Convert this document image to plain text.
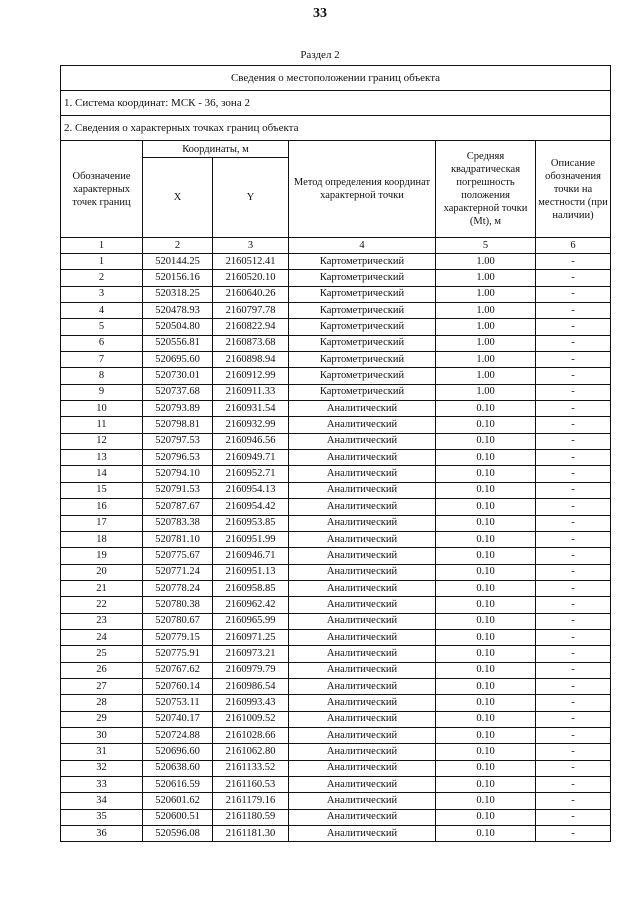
33
Раздел 2
Сведения о местоположении границ объекта					
1. Система координат: МСК - 36, зона 2					
2. Сведения о характерных точках границ объекта					
Обозначение характерных точек границ	Координаты, м		Метод определения координат характерной точки	Средняя квадратическая погрешность положения характерной точки (Mt), м	Описание обозначения точки на местности (при наличии)
	X	Y			
1	2	3	4	5	6
1	520144.25	2160512.41	Картометрический	1.00	-
2	520156.16	2160520.10	Картометрический	1.00	-
3	520318.25	2160640.26	Картометрический	1.00	-
4	520478.93	2160797.78	Картометрический	1.00	-
5	520504.80	2160822.94	Картометрический	1.00	-
6	520556.81	2160873.68	Картометрический	1.00	-
7	520695.60	2160898.94	Картометрический	1.00	-
8	520730.01	2160912.99	Картометрический	1.00	-
9	520737.68	2160911.33	Картометрический	1.00	-
10	520793.89	2160931.54	Аналитический	0.10	-
11	520798.81	2160932.99	Аналитический	0.10	-
12	520797.53	2160946.56	Аналитический	0.10	-
13	520796.53	2160949.71	Аналитический	0.10	-
14	520794.10	2160952.71	Аналитический	0.10	-
15	520791.53	2160954.13	Аналитический	0.10	-
16	520787.67	2160954.42	Аналитический	0.10	-
17	520783.38	2160953.85	Аналитический	0.10	-
18	520781.10	2160951.99	Аналитический	0.10	-
19	520775.67	2160946.71	Аналитический	0.10	-
20	520771.24	2160951.13	Аналитический	0.10	-
21	520778.24	2160958.85	Аналитический	0.10	-
22	520780.38	2160962.42	Аналитический	0.10	-
23	520780.67	2160965.99	Аналитический	0.10	-
24	520779.15	2160971.25	Аналитический	0.10	-
25	520775.91	2160973.21	Аналитический	0.10	-
26	520767.62	2160979.79	Аналитический	0.10	-
27	520760.14	2160986.54	Аналитический	0.10	-
28	520753.11	2160993.43	Аналитический	0.10	-
29	520740.17	2161009.52	Аналитический	0.10	-
30	520724.88	2161028.66	Аналитический	0.10	-
31	520696.60	2161062.80	Аналитический	0.10	-
32	520638.60	2161133.52	Аналитический	0.10	-
33	520616.59	2161160.53	Аналитический	0.10	-
34	520601.62	2161179.16	Аналитический	0.10	-
35	520600.51	2161180.59	Аналитический	0.10	-
36	520596.08	2161181.30	Аналитический	0.10	-
